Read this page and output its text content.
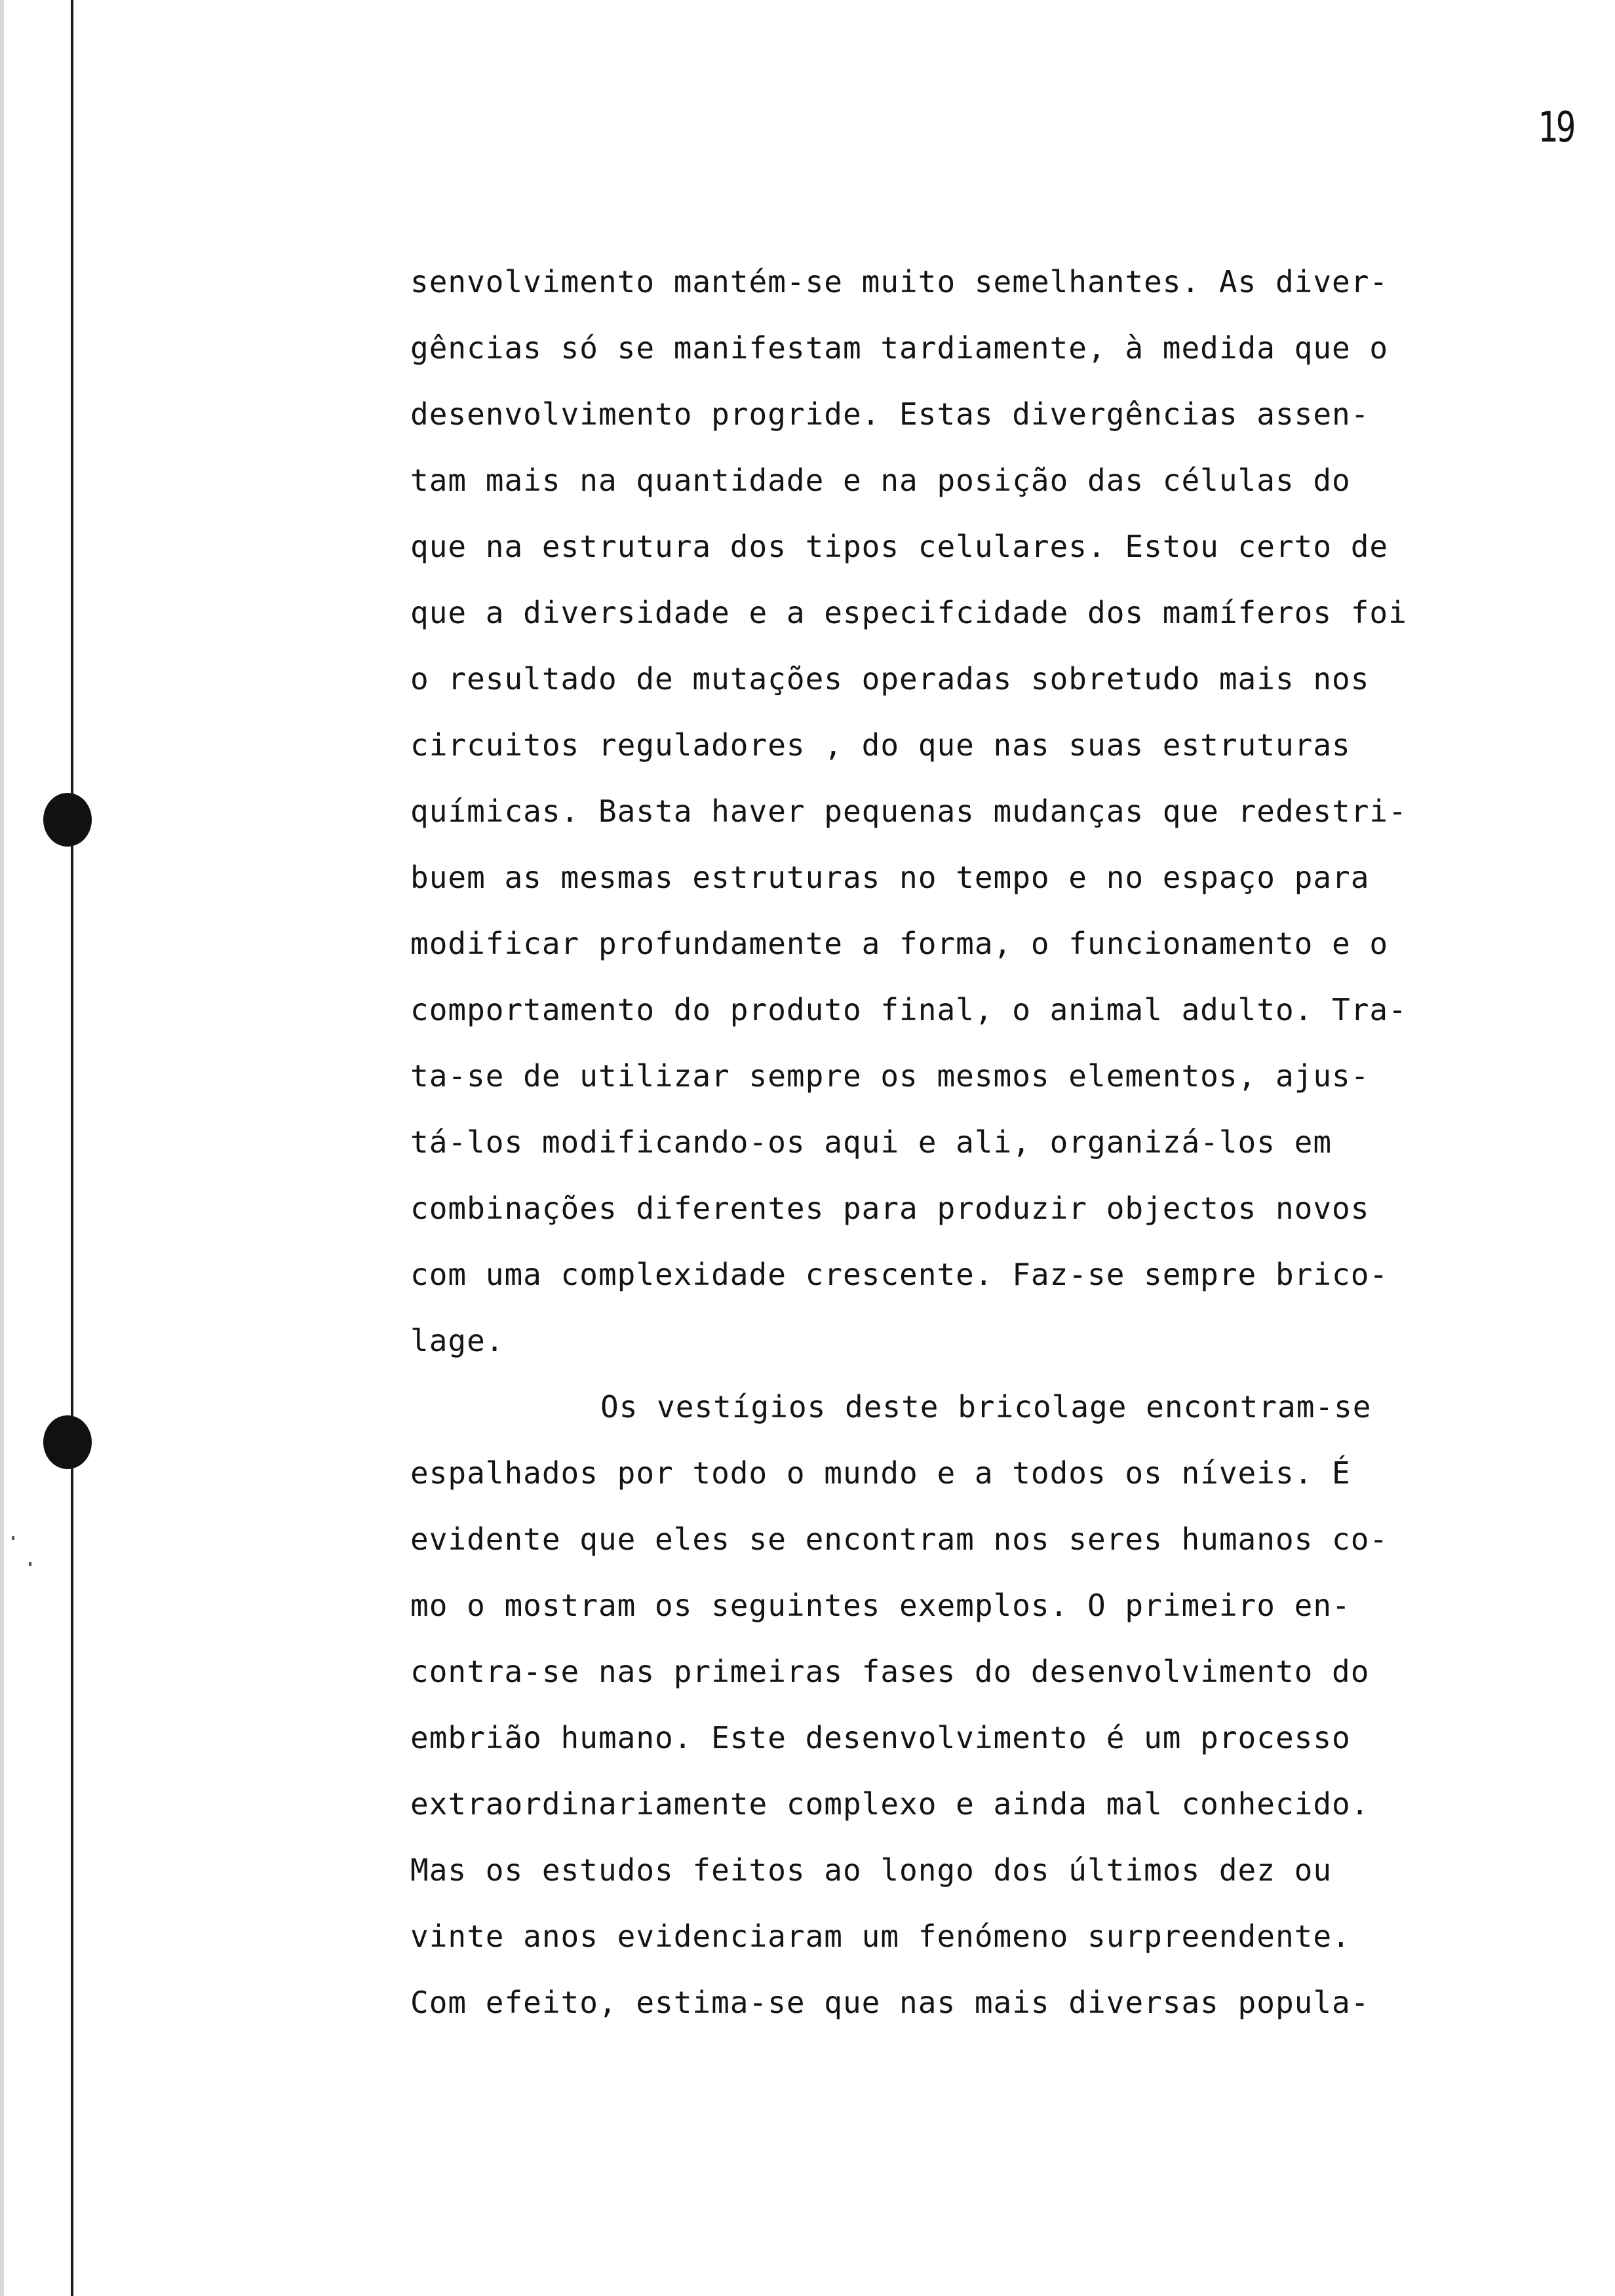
19
senvolvimento mantém-se muito semelhantes. As diver-
gências só se manifestam tardiamente, à medida que o
desenvolvimento progride. Estas divergências assen-
tam mais na quantidade e na posição das células do
que na estrutura dos tipos celulares. Estou certo de
que a diversidade e a especifcidade dos mamíferos foi
o resultado de mutações operadas sobretudo mais nos
circuitos reguladores , do que nas suas estruturas
químicas. Basta haver pequenas mudanças que redestri-
buem as mesmas estruturas no tempo e no espaço para
modificar profundamente a forma, o funcionamento e o
comportamento do produto final, o animal adulto. Tra-
ta-se de utilizar sempre os mesmos elementos, ajus-
tá-los modificando-os aqui e ali, organizá-los em
combinações diferentes para produzir objectos novos
com uma complexidade crescente. Faz-se sempre brico-
lage.
Os vestígios deste bricolage encontram-se
espalhados por todo o mundo e a todos os níveis. É
evidente que eles se encontram nos seres humanos co-
mo o mostram os seguintes exemplos. O primeiro en-
contra-se nas primeiras fases do desenvolvimento do
embrião humano. Este desenvolvimento é um processo
extraordinariamente complexo e ainda mal conhecido.
Mas os estudos feitos ao longo dos últimos dez ou
vinte anos evidenciaram um fenómeno surpreendente.
Com efeito, estima-se que nas mais diversas popula-
